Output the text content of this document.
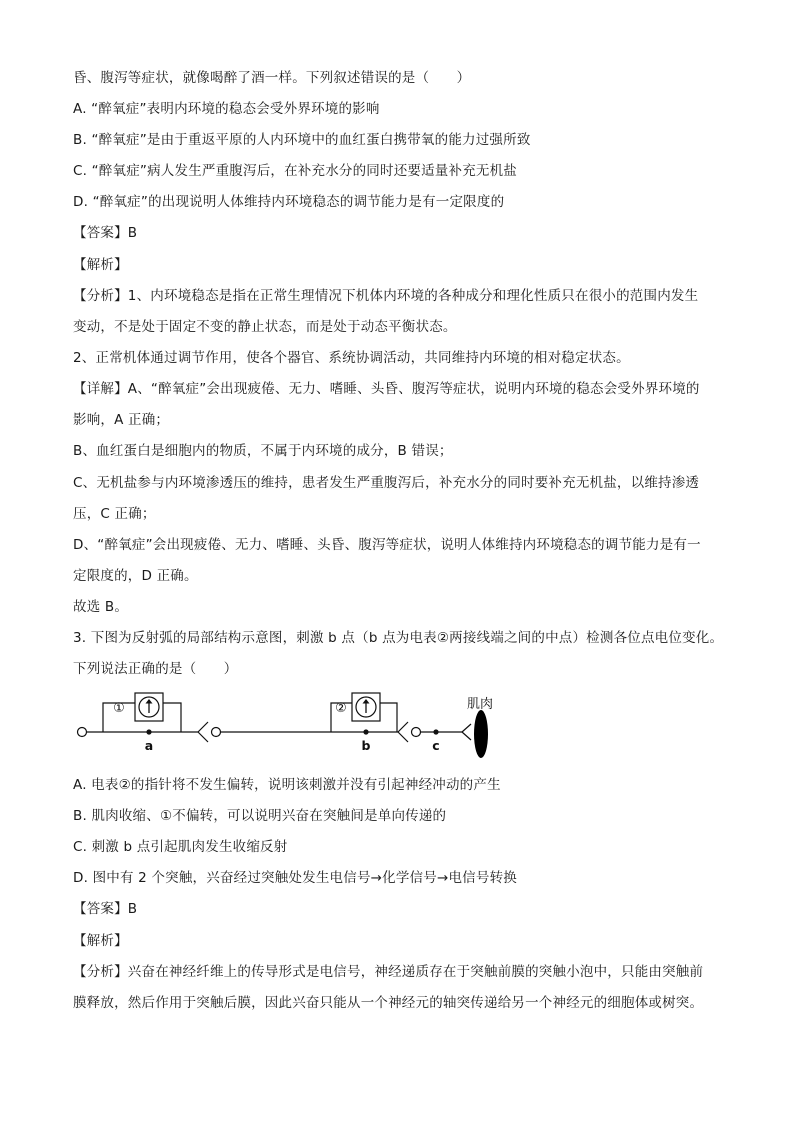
昏、腹泻等症状，就像喝醉了酒一样。下列叙述错误的是（　　）
A. “醉氧症”表明内环境的稳态会受外界环境的影响
B. “醉氧症”是由于重返平原的人内环境中的血红蛋白携带氧的能力过强所致
C. “醉氧症”病人发生严重腹泻后，在补充水分的同时还要适量补充无机盐
D. “醉氧症”的出现说明人体维持内环境稳态的调节能力是有一定限度的
【答案】B
【解析】
【分析】1、内环境稳态是指在正常生理情况下机体内环境的各种成分和理化性质只在很小的范围内发生
变动，不是处于固定不变的静止状态，而是处于动态平衡状态。
2、正常机体通过调节作用，使各个器官、系统协调活动，共同维持内环境的相对稳定状态。
【详解】A、“醉氧症”会出现疲倦、无力、嗜睡、头昏、腹泻等症状，说明内环境的稳态会受外界环境的
影响，A 正确；
B、血红蛋白是细胞内的物质，不属于内环境的成分，B 错误；
C、无机盐参与内环境渗透压的维持，患者发生严重腹泻后，补充水分的同时要补充无机盐，以维持渗透
压，C 正确；
D、“醉氧症”会出现疲倦、无力、嗜睡、头昏、腹泻等症状，说明人体维持内环境稳态的调节能力是有一
定限度的，D 正确。
故选 B。
3. 下图为反射弧的局部结构示意图，刺激 b 点（b 点为电表②两接线端之间的中点）检测各位点电位变化。
下列说法正确的是（　　）
①	②
a	b	c
肌肉
A. 电表②的指针将不发生偏转，说明该刺激并没有引起神经冲动的产生
B. 肌肉收缩、①不偏转，可以说明兴奋在突触间是单向传递的
C. 刺激 b 点引起肌肉发生收缩反射
D. 图中有 2 个突触，兴奋经过突触处发生电信号→化学信号→电信号转换
【答案】B
【解析】
【分析】兴奋在神经纤维上的传导形式是电信号，神经递质存在于突触前膜的突触小泡中，只能由突触前
膜释放，然后作用于突触后膜，因此兴奋只能从一个神经元的轴突传递给另一个神经元的细胞体或树突。
